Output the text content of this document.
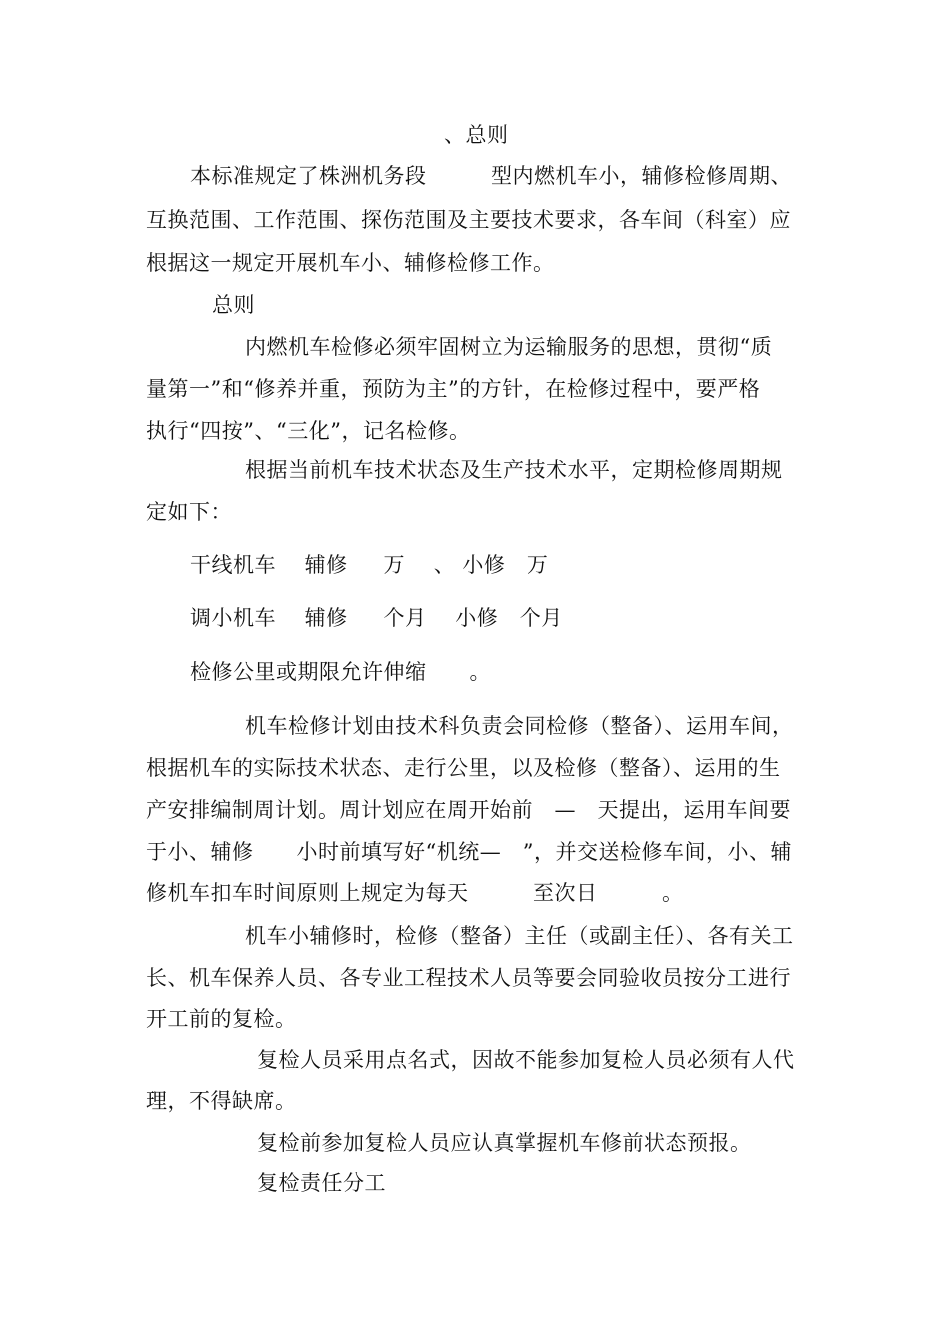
、总则
本标准规定了株洲机务段　　　型内燃机车小，辅修检修周期、
互换范围、工作范围、探伤范围及主要技术要求，各车间（科室）应
根据这一规定开展机车小、辅修检修工作。
总则
内燃机车检修必须牢固树立为运输服务的思想，贯彻“质
量第一”和“修养并重，预防为主”的方针，在检修过程中，要严格
执行“四按”、“三化”，记名检修。
根据当前机车技术状态及生产技术水平，定期检修周期规
定如下：
干线机车　 辅修 　 万　 、 小修　万
调小机车　 辅修 　 个月　 小修　个月
检修公里或期限允许伸缩　　。
机车检修计划由技术科负责会同检修（整备）、运用车间，
根据机车的实际技术状态、走行公里，以及检修（整备）、运用的生
产安排编制周计划。周计划应在周开始前　—　天提出，运用车间要
于小、辅修　　小时前填写好“机统—　”，并交送检修车间，小、辅
修机车扣车时间原则上规定为每天　　　至次日　　　。
机车小辅修时，检修（整备）主任（或副主任）、各有关工
长、机车保养人员、各专业工程技术人员等要会同验收员按分工进行
开工前的复检。
复检人员采用点名式，因故不能参加复检人员必须有人代
理，不得缺席。
复检前参加复检人员应认真掌握机车修前状态预报。
复检责任分工
